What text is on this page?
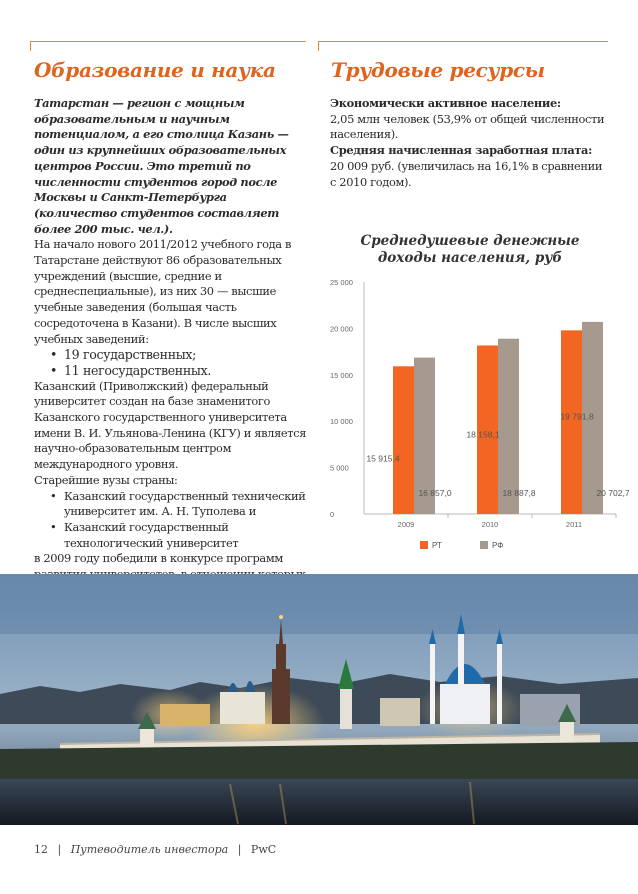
Образование и наука	Трудовые ресурсы

Татарстан — регион с мощным образовательным и научным потенциалом, а его столица Казань — один из крупнейших образовательных центров России. Это третий по численности студентов город после Москвы и Санкт-Петербурга (количество студентов составляет более 200 тыс. чел.).

На начало нового 2011/2012 учебного года в Татарстане действуют 86 образовательных учреждений (высшие, средние и среднеспециальные), из них 30 — высшие учебные заведения (большая часть сосредоточена в Казани). В числе высших учебных заведений:

• 19 государственных;
• 11 негосударственных.

Казанский (Приволжский) федеральный университет создан на базе знаменитого Казанского государственного университета имени В. И. Ульянова-Ленина (КГУ) и является научно-образовательным центром международного уровня.

Старейшие вузы страны:

• Казанский государственный технический университет им. А. Н. Туполева и
• Казанский государственный технологический университет

в 2009 году победили в конкурсе программ

Экономически активное население:

2,05 млн человек (53,9% от общей численности населения).

Средняя начисленная заработная плата:

20 009 руб. (увеличилась на 16,1% в сравнении с 2010 годом).

Среднедушевые денежные доходы населения, руб
0
5 000
10 000
15 000
20 000
25 000
2009
15 915,4
16 857,0
2010
18 158,1
18 887,8
2011
19 791,8
20 702,7
РТ	РФ
12 | Путеводитель инвестора | PwC
